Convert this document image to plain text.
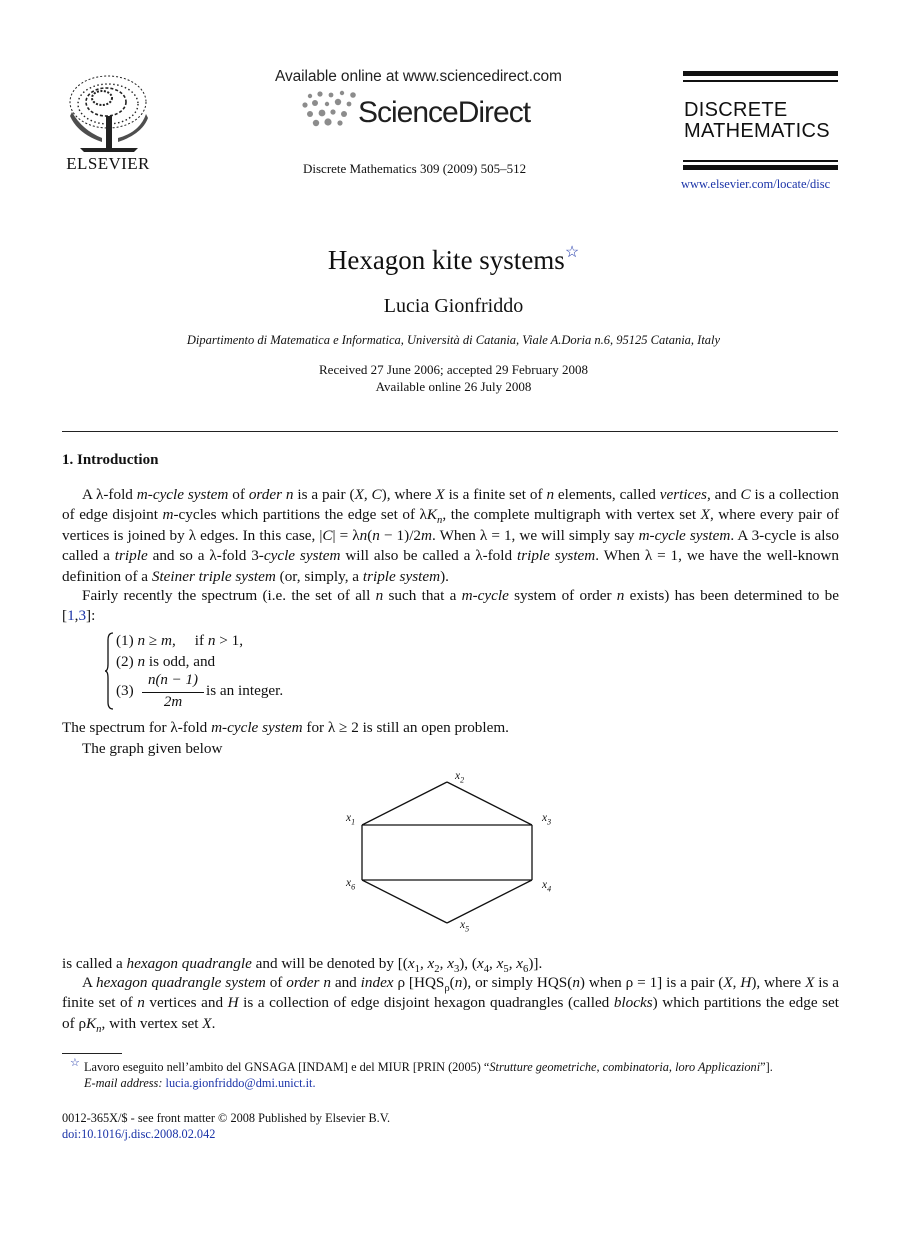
ELSEVIER
Available online at www.sciencedirect.com
ScienceDirect
Discrete Mathematics 309 (2009) 505–512
DISCRETE
MATHEMATICS
www.elsevier.com/locate/disc
Hexagon kite systems☆
Lucia Gionfriddo
Dipartimento di Matematica e Informatica, Università di Catania, Viale A.Doria n.6, 95125 Catania, Italy
Received 27 June 2006; accepted 29 February 2008
Available online 26 July 2008
1. Introduction
A λ-fold m-cycle system of order n is a pair (X, C), where X is a finite set of n elements, called vertices, and C is a collection of edge disjoint m-cycles which partitions the edge set of $\lambda K_n$, the complete multigraph with vertex set X, where every pair of vertices is joined by λ edges. In this case, |C| = λn(n − 1)/2m. When λ = 1, we will simply say m-cycle system. A 3-cycle is also called a triple and so a λ-fold 3-cycle system will also be called a λ-fold triple system. When λ = 1, we have the well-known definition of a Steiner triple system (or, simply, a triple system).
Fairly recently the spectrum (i.e. the set of all n such that a m-cycle system of order n exists) has been determined to be [1,3]:
(1) n ≥ m,     if n > 1,
(2) n is odd, and
(3)
n(n − 1)
2m
is an integer.
The spectrum for λ-fold m-cycle system for λ ≥ 2 is still an open problem.
The graph given below
$x_1$
$x_2$
$x_3$
$x_4$
$x_5$
$x_6$
is called a hexagon quadrangle and will be denoted by [($x_1$, $x_2$, $x_3$), ($x_4$, $x_5$, $x_6$)].
A hexagon quadrangle system of order n and index ρ [$HQS_\rho(n)$, or simply HQS(n) when ρ = 1] is a pair (X, H), where X is a finite set of n vertices and H is a collection of edge disjoint hexagon quadrangles (called blocks) which partitions the edge set of $\rho K_n$, with vertex set X.
☆ Lavoro eseguito nell’ambito del GNSAGA [INDAM] e del MIUR [PRIN (2005) “Strutture geometriche, combinatoria, loro Applicazioni”].
E-mail address: lucia.gionfriddo@dmi.unict.it.
0012-365X/$ - see front matter © 2008 Published by Elsevier B.V.
doi:10.1016/j.disc.2008.02.042
